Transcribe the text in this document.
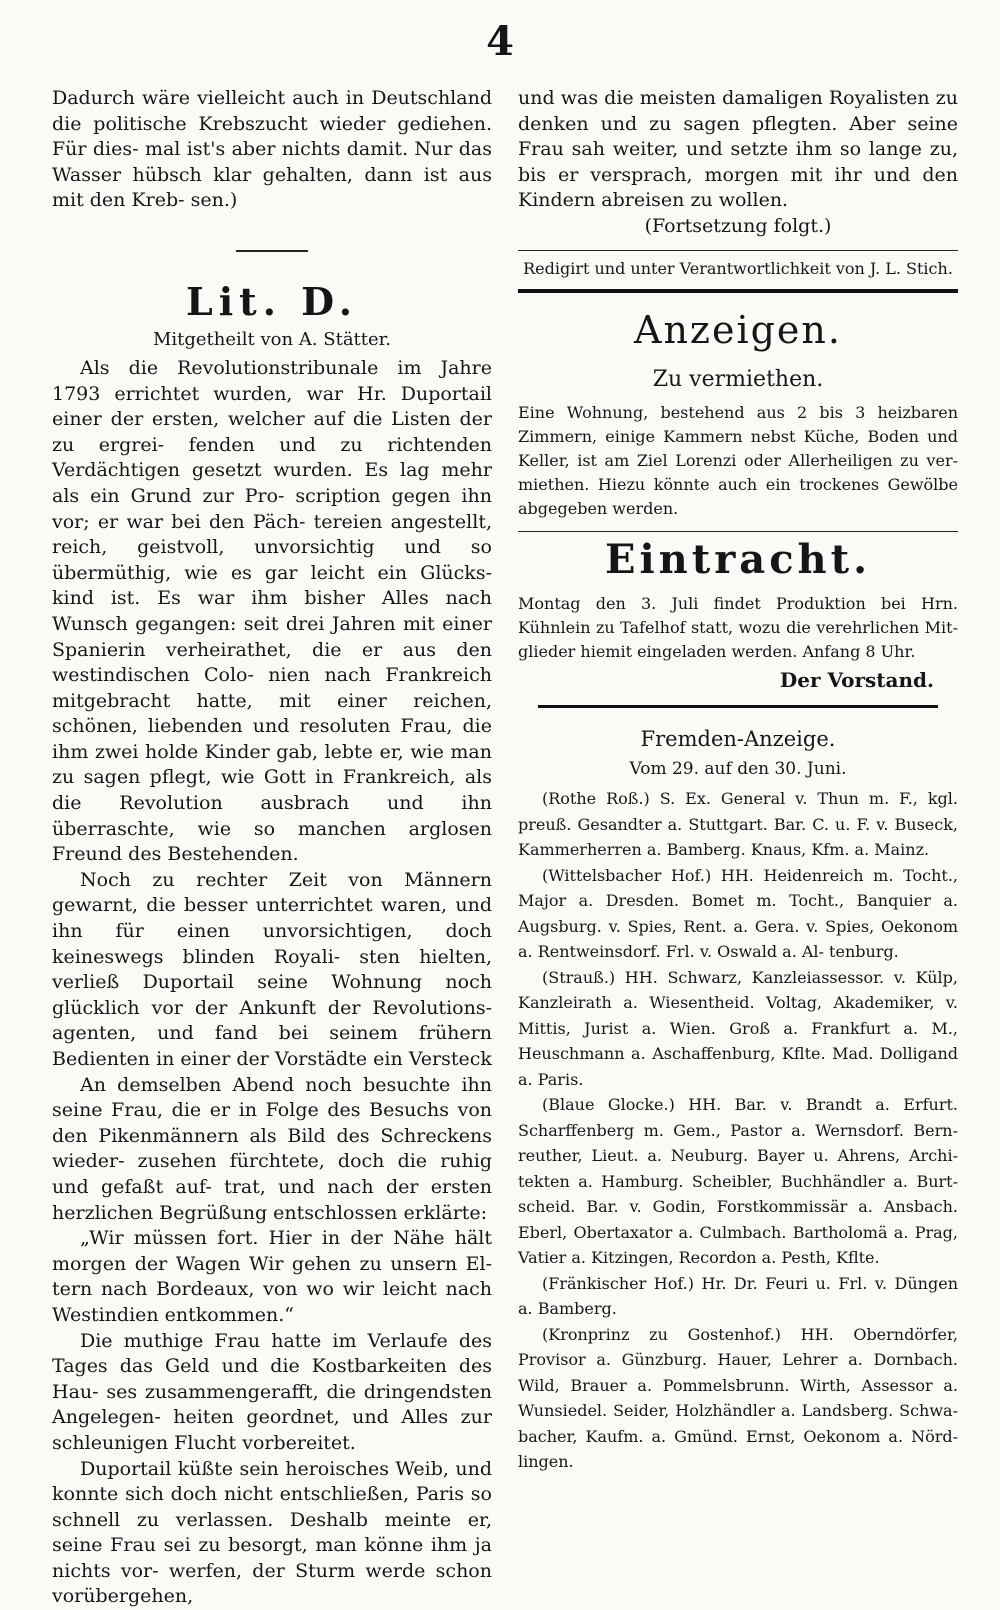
4

Dadurch wäre vielleicht auch in Deutschland die politische Krebszucht wieder gediehen. Für dies- mal ist's aber nichts damit. Nur das Wasser hübsch klar gehalten, dann ist aus mit den Kreb- sen.)

Lit. D.
Mitgetheilt von A. Stätter.

Als die Revolutionstribunale im Jahre 1793 errichtet wurden, war Hr. Duportail einer der ersten, welcher auf die Listen der zu ergrei- fenden und zu richtenden Verdächtigen gesetzt wurden. Es lag mehr als ein Grund zur Pro- scription gegen ihn vor; er war bei den Päch- tereien angestellt, reich, geistvoll, unvorsichtig und so übermüthig, wie es gar leicht ein Glücks- kind ist. Es war ihm bisher Alles nach Wunsch gegangen: seit drei Jahren mit einer Spanierin verheirathet, die er aus den westindischen Colo- nien nach Frankreich mitgebracht hatte, mit einer reichen, schönen, liebenden und resoluten Frau, die ihm zwei holde Kinder gab, lebte er, wie man zu sagen pflegt, wie Gott in Frankreich, als die Revolution ausbrach und ihn überraschte, wie so manchen arglosen Freund des Bestehenden.

Noch zu rechter Zeit von Männern gewarnt, die besser unterrichtet waren, und ihn für einen unvorsichtigen, doch keineswegs blinden Royali- sten hielten, verließ Duportail seine Wohnung noch glücklich vor der Ankunft der Revolutions- agenten, und fand bei seinem frühern Bedienten in einer der Vorstädte ein Versteck

An demselben Abend noch besuchte ihn seine Frau, die er in Folge des Besuchs von den Pikenmännern als Bild des Schreckens wieder- zusehen fürchtete, doch die ruhig und gefaßt auf- trat, und nach der ersten herzlichen Begrüßung entschlossen erklärte:

„Wir müssen fort. Hier in der Nähe hält morgen der Wagen Wir gehen zu unsern El- tern nach Bordeaux, von wo wir leicht nach Westindien entkommen.“

Die muthige Frau hatte im Verlaufe des Tages das Geld und die Kostbarkeiten des Hau- ses zusammengerafft, die dringendsten Angelegen- heiten geordnet, und Alles zur schleunigen Flucht vorbereitet.

Duportail küßte sein heroisches Weib, und konnte sich doch nicht entschließen, Paris so schnell zu verlassen. Deshalb meinte er, seine Frau sei zu besorgt, man könne ihm ja nichts vor- werfen, der Sturm werde schon vorübergehen,

und was die meisten damaligen Royalisten zu denken und zu sagen pflegten. Aber seine Frau sah weiter, und setzte ihm so lange zu, bis er versprach, morgen mit ihr und den Kindern abreisen zu wollen.

(Fortsetzung folgt.)
Redigirt und unter Verantwortlichkeit von J. L. Stich.
Anzeigen.
Zu vermiethen.

Eine Wohnung, bestehend aus 2 bis 3 heizbaren Zimmern, einige Kammern nebst Küche, Boden und Keller, ist am Ziel Lorenzi oder Allerheiligen zu ver- miethen. Hiezu könnte auch ein trockenes Gewölbe abgegeben werden.

Eintracht.

Montag den 3. Juli findet Produktion bei Hrn. Kühnlein zu Tafelhof statt, wozu die verehrlichen Mit- glieder hiemit eingeladen werden. Anfang 8 Uhr.

Der Vorstand.
Fremden-Anzeige.
Vom 29. auf den 30. Juni.

(Rothe Roß.) S. Ex. General v. Thun m. F., kgl. preuß. Gesandter a. Stuttgart. Bar. C. u. F. v. Buseck, Kammerherren a. Bamberg. Knaus, Kfm. a. Mainz.

(Wittelsbacher Hof.) HH. Heidenreich m. Tocht., Major a. Dresden. Bomet m. Tocht., Banquier a. Augsburg. v. Spies, Rent. a. Gera. v. Spies, Oekonom a. Rentweinsdorf. Frl. v. Oswald a. Al- tenburg.

(Strauß.) HH. Schwarz, Kanzleiassessor. v. Külp, Kanzleirath a. Wiesentheid. Voltag, Akademiker, v. Mittis, Jurist a. Wien. Groß a. Frankfurt a. M., Heuschmann a. Aschaffenburg, Kflte. Mad. Dolligand a. Paris.

(Blaue Glocke.) HH. Bar. v. Brandt a. Erfurt. Scharffenberg m. Gem., Pastor a. Wernsdorf. Bern- reuther, Lieut. a. Neuburg. Bayer u. Ahrens, Archi- tekten a. Hamburg. Scheibler, Buchhändler a. Burt- scheid. Bar. v. Godin, Forstkommissär a. Ansbach. Eberl, Obertaxator a. Culmbach. Bartholomä a. Prag, Vatier a. Kitzingen, Recordon a. Pesth, Kflte.

(Fränkischer Hof.) Hr. Dr. Feuri u. Frl. v. Düngen a. Bamberg.

(Kronprinz zu Gostenhof.) HH. Oberndörfer, Provisor a. Günzburg. Hauer, Lehrer a. Dornbach. Wild, Brauer a. Pommelsbrunn. Wirth, Assessor a. Wunsiedel. Seider, Holzhändler a. Landsberg. Schwa- bacher, Kaufm. a. Gmünd. Ernst, Oekonom a. Nörd- lingen.
